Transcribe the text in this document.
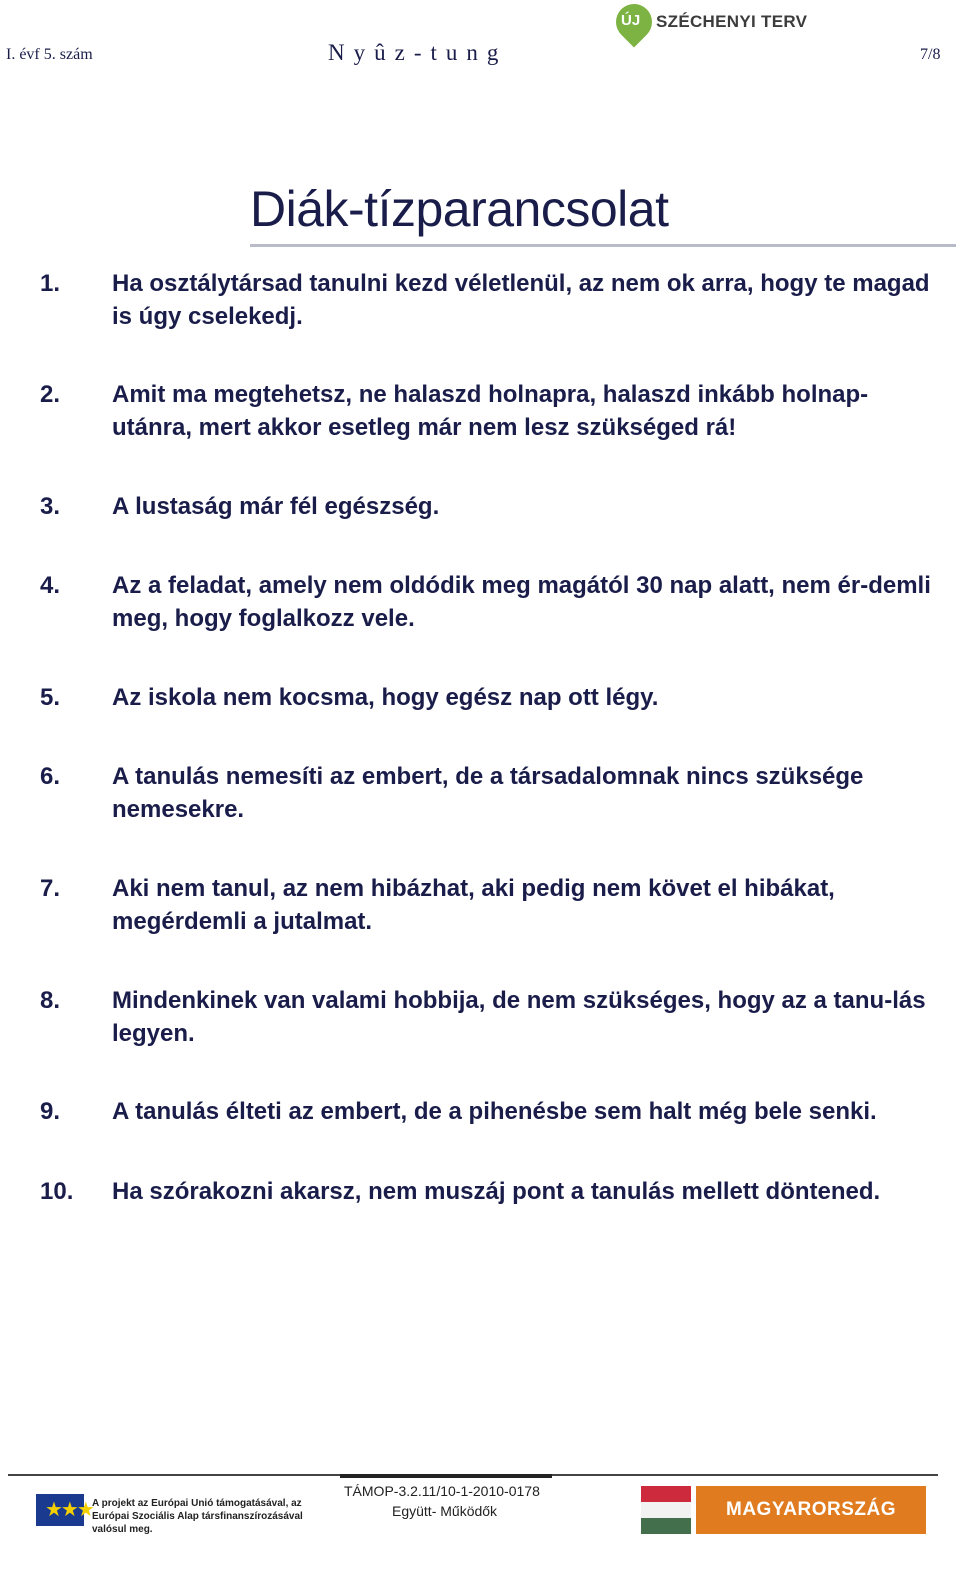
I. évf 5. szám	Nyûz-tung	7/8
ÚJ SZÉCHENYI TERV
Diák-tízparancsolat
1. Ha osztálytársad tanulni kezd véletlenül, az nem ok arra, hogy te magad is úgy cselekedj.
2. Amit ma megtehetsz, ne halaszd holnapra, halaszd inkább holnap-utánra, mert akkor esetleg már nem lesz szükséged rá!
3. A lustaság már fél egészség.
4. Az a feladat, amely nem oldódik meg magától 30 nap alatt, nem ér-demli meg, hogy foglalkozz vele.
5. Az iskola nem kocsma, hogy egész nap ott légy.
6. A tanulás nemesíti az embert, de a társadalomnak nincs szüksége nemesekre.
7. Aki nem tanul, az nem hibázhat, aki pedig nem követ el hibákat, megérdemli a jutalmat.
8. Mindenkinek van valami hobbija, de nem szükséges, hogy az a tanu-lás legyen.
9. A tanulás élteti az embert, de a pihenésbe sem halt még bele senki.
10. Ha szórakozni akarsz, nem muszáj pont a tanulás mellett döntened.
★★★ A projekt az Európai Unió támogatásával, az Európai Szociális Alap társfinanszírozásával valósul meg.
TÁMOP-3.2.11/10-1-2010-0178
Együtt- Működők	MAGYARORSZÁG MEGÚJUL
